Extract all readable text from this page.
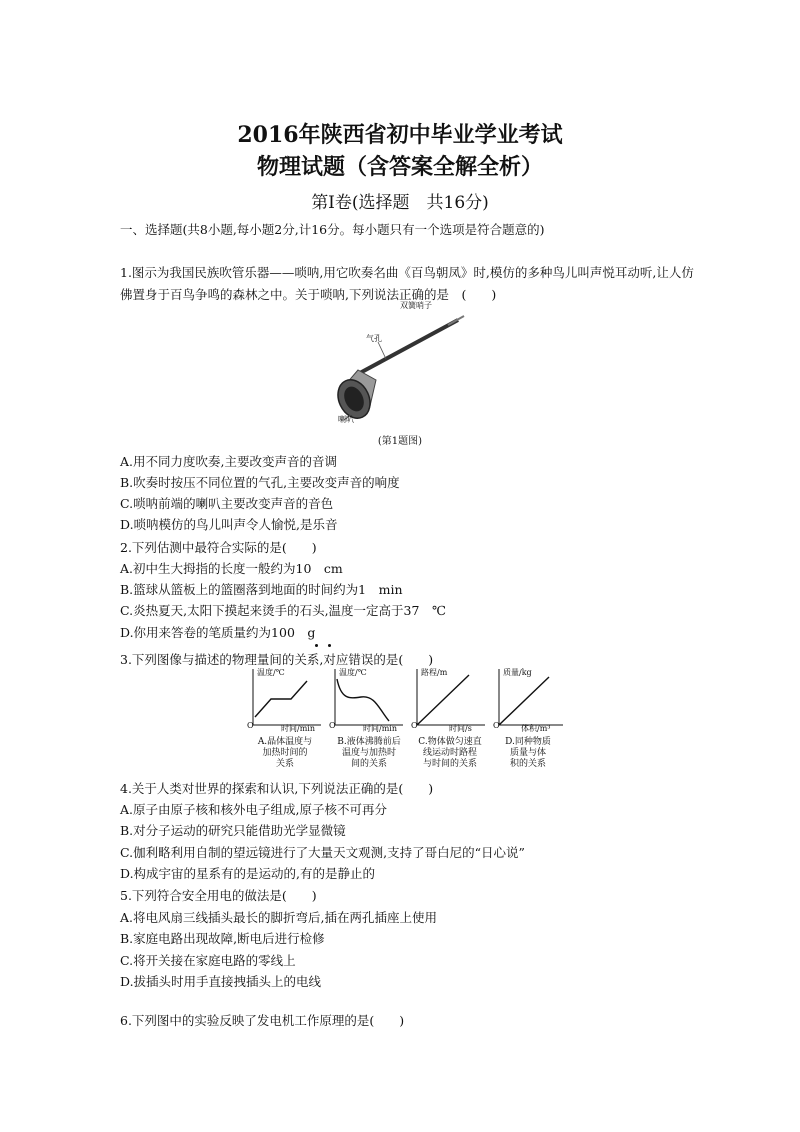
2016年陕西省初中毕业学业考试
物理试题（含答案全解全析）
第Ⅰ卷(选择题　共16分)
一、选择题(共8小题,每小题2分,计16分。每小题只有一个选项是符合题意的)
1.图示为我国民族吹管乐器——唢呐,用它吹奏名曲《百鸟朝凤》时,模仿的多种鸟儿叫声悦耳动听,让人仿
佛置身于百鸟争鸣的森林之中。关于唢呐,下列说法正确的是　(　　)
双簧哨子
气孔
喇叭
(第1题图)
A.用不同力度吹奏,主要改变声音的音调
B.吹奏时按压不同位置的气孔,主要改变声音的响度
C.唢呐前端的喇叭主要改变声音的音色
D.唢呐模仿的鸟儿叫声令人愉悦,是乐音
2.下列估测中最符合实际的是(　　)
A.初中生大拇指的长度一般约为10　cm
B.篮球从篮板上的篮圈落到地面的时间约为1　min
C.炎热夏天,太阳下摸起来烫手的石头,温度一定高于37　℃
D.你用来答卷的笔质量约为100　g
3.下列图像与描述的物理量间的关系,对应错误的是(　　)
温度/℃
O	时间/min
A.晶体温度与
加热时间的
关系
温度/℃
O	时间/min
B.液体沸腾前后
温度与加热时
间的关系
路程/m
O	时间/s
C.物体做匀速直
线运动时路程
与时间的关系
质量/kg
O	体积/m³
D.同种物质
质量与体
积的关系
4.关于人类对世界的探索和认识,下列说法正确的是(　　)
A.原子由原子核和核外电子组成,原子核不可再分
B.对分子运动的研究只能借助光学显微镜
C.伽利略利用自制的望远镜进行了大量天文观测,支持了哥白尼的“日心说”
D.构成宇宙的星系有的是运动的,有的是静止的
5.下列符合安全用电的做法是(　　)
A.将电风扇三线插头最长的脚折弯后,插在两孔插座上使用
B.家庭电路出现故障,断电后进行检修
C.将开关接在家庭电路的零线上
D.拔插头时用手直接拽插头上的电线
6.下列图中的实验反映了发电机工作原理的是(　　)
